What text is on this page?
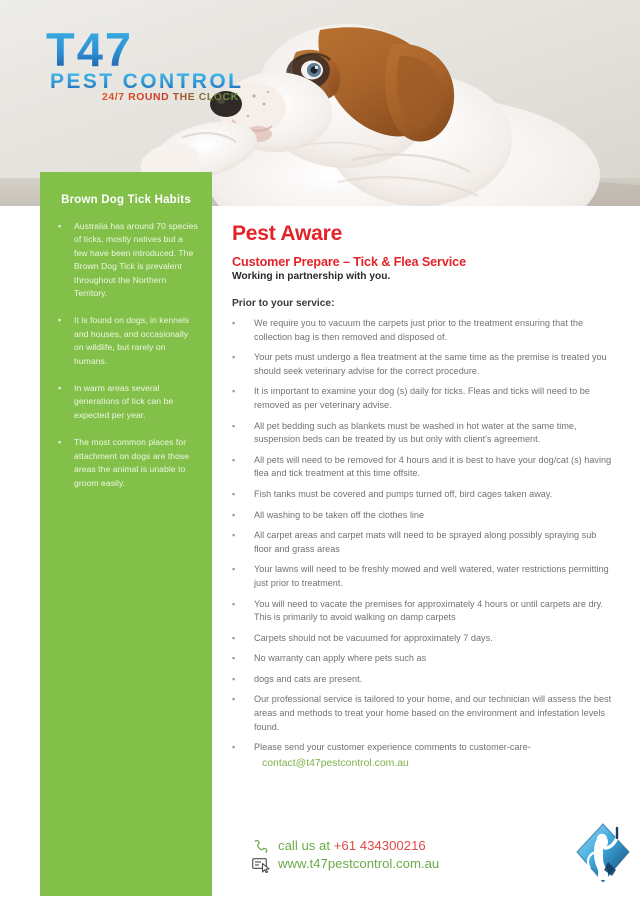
T47
PEST CONTROL
24/7 ROUND THE CLOCK
Brown Dog Tick Habits
▪	Australia has around 70 species of ticks, mostly natives but a few have been introduced. The Brown Dog Tick is prevalent throughout the Northern Territory.
▪	It is found on dogs, in kennels and houses, and occasionally on wildlife, but rarely on humans.
▪	In warm areas several generations of tick can be expected per year.
▪	The most common places for attachment on dogs are those areas the animal is unable to groom easily.
Pest Aware
Customer Prepare – Tick & Flea Service
Working in partnership with you.
Prior to your service:
▪	We require you to vacuum the carpets just prior to the treatment ensuring that the collection bag is then removed and disposed of.
▪	Your pets must undergo a flea treatment at the same time as the premise is treated you should seek veterinary advise for the correct procedure.
▪	It is important to examine your dog (s) daily for ticks. Fleas and ticks will need to be removed as per veterinary advise.
▪	All pet bedding such as blankets must be washed in hot water at the same time, suspension beds can be treated by us but only with client's agreement.
▪	All pets will need to be removed for 4 hours and it is best to have your dog/cat (s) having flea and tick treatment at this time offsite.
▪	Fish tanks must be covered and pumps turned off, bird cages taken away.
▪	All washing to be taken off the clothes line
▪	All carpet areas and carpet mats will need to be sprayed along possibly spraying sub floor and grass areas
▪	Your lawns will need to be freshly mowed and well watered, water restrictions permitting just prior to treatment.
▪	You will need to vacate the premises for approximately 4 hours or until carpets are dry. This is primarily to avoid walking on damp carpets
▪	Carpets should not be vacuumed for approximately 7 days.
▪	No warranty can apply where pets such as
▪	dogs and cats are present.
▪	Our professional service is tailored to your home, and our technician will assess the best areas and methods to treat your home based on the environment and infestation levels found.
▪	Please send your customer experience comments to customer-care-
contact@t47pestcontrol.com.au
call us at +61 434300216
www.t47pestcontrol.com.au
